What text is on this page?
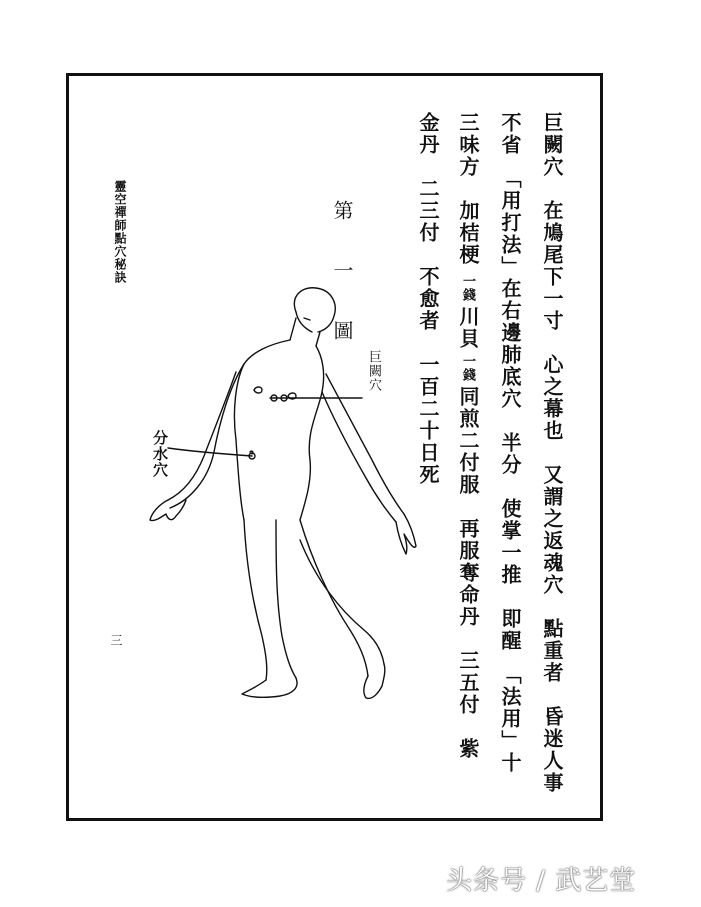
巨闕穴　在鳩尾下一寸　心之幕也　又謂之返魂穴　點重者　昏迷人事
不省　「用打法」在右邊肺底穴　半分　使掌一推　即醒　「法用」十
三味方　加桔梗 一錢 川貝 一錢 同煎二付服　再服奪命丹　三五付　紫
金丹　二三付　不愈者　一百二十日死
第一圖
靈空禪師點穴秘訣
三
巨闕穴
分水穴
头条号 / 武艺堂
